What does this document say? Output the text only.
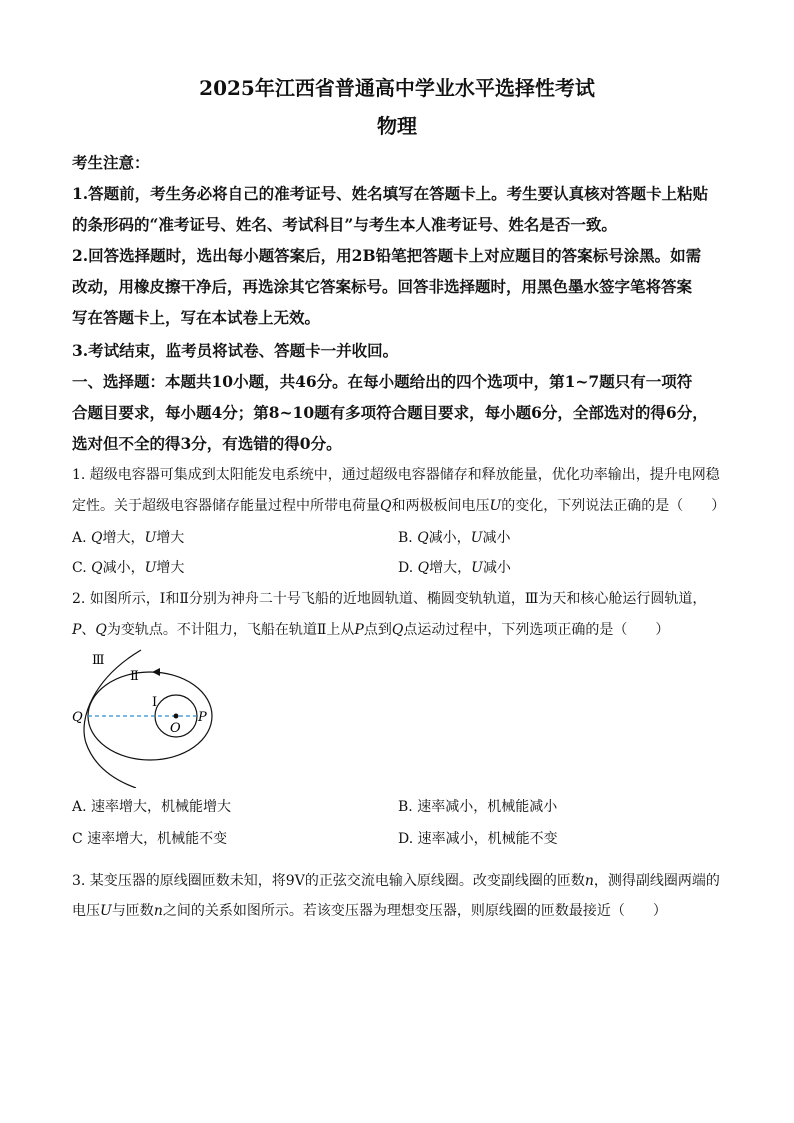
2025年江西省普通高中学业水平选择性考试
物理
考生注意：
1.答题前，考生务必将自己的准考证号、姓名填写在答题卡上。考生要认真核对答题卡上粘贴
的条形码的“准考证号、姓名、考试科目”与考生本人准考证号、姓名是否一致。
2.回答选择题时，选出每小题答案后，用2B铅笔把答题卡上对应题目的答案标号涂黑。如需
改动，用橡皮擦干净后，再选涂其它答案标号。回答非选择题时，用黑色墨水签字笔将答案
写在答题卡上，写在本试卷上无效。
3.考试结束，监考员将试卷、答题卡一并收回。
一、选择题：本题共10小题，共46分。在每小题给出的四个选项中，第1~7题只有一项符
合题目要求，每小题4分；第8~10题有多项符合题目要求，每小题6分，全部选对的得6分，
选对但不全的得3分，有选错的得0分。
1. 超级电容器可集成到太阳能发电系统中，通过超级电容器储存和释放能量，优化功率输出，提升电网稳
定性。关于超级电容器储存能量过程中所带电荷量Q和两极板间电压U的变化，下列说法正确的是（　　）
A. Q增大，U增大	B. Q减小，U减小
C. Q减小，U增大	D. Q增大，U减小
2. 如图所示，Ⅰ和Ⅱ分别为神舟二十号飞船的近地圆轨道、椭圆变轨轨道，Ⅲ为天和核心舱运行圆轨道，
P、Q为变轨点。不计阻力，飞船在轨道Ⅱ上从P点到Q点运动过程中，下列选项正确的是（　　）
Ⅲ
Ⅱ
Ⅰ
Q	P
O
A. 速率增大，机械能增大	B. 速率减小，机械能减小
C 速率增大，机械能不变	D. 速率减小，机械能不变
3. 某变压器的原线圈匝数未知，将9V的正弦交流电输入原线圈。改变副线圈的匝数n，测得副线圈两端的
电压U与匝数n之间的关系如图所示。若该变压器为理想变压器，则原线圈的匝数最接近（　　）
